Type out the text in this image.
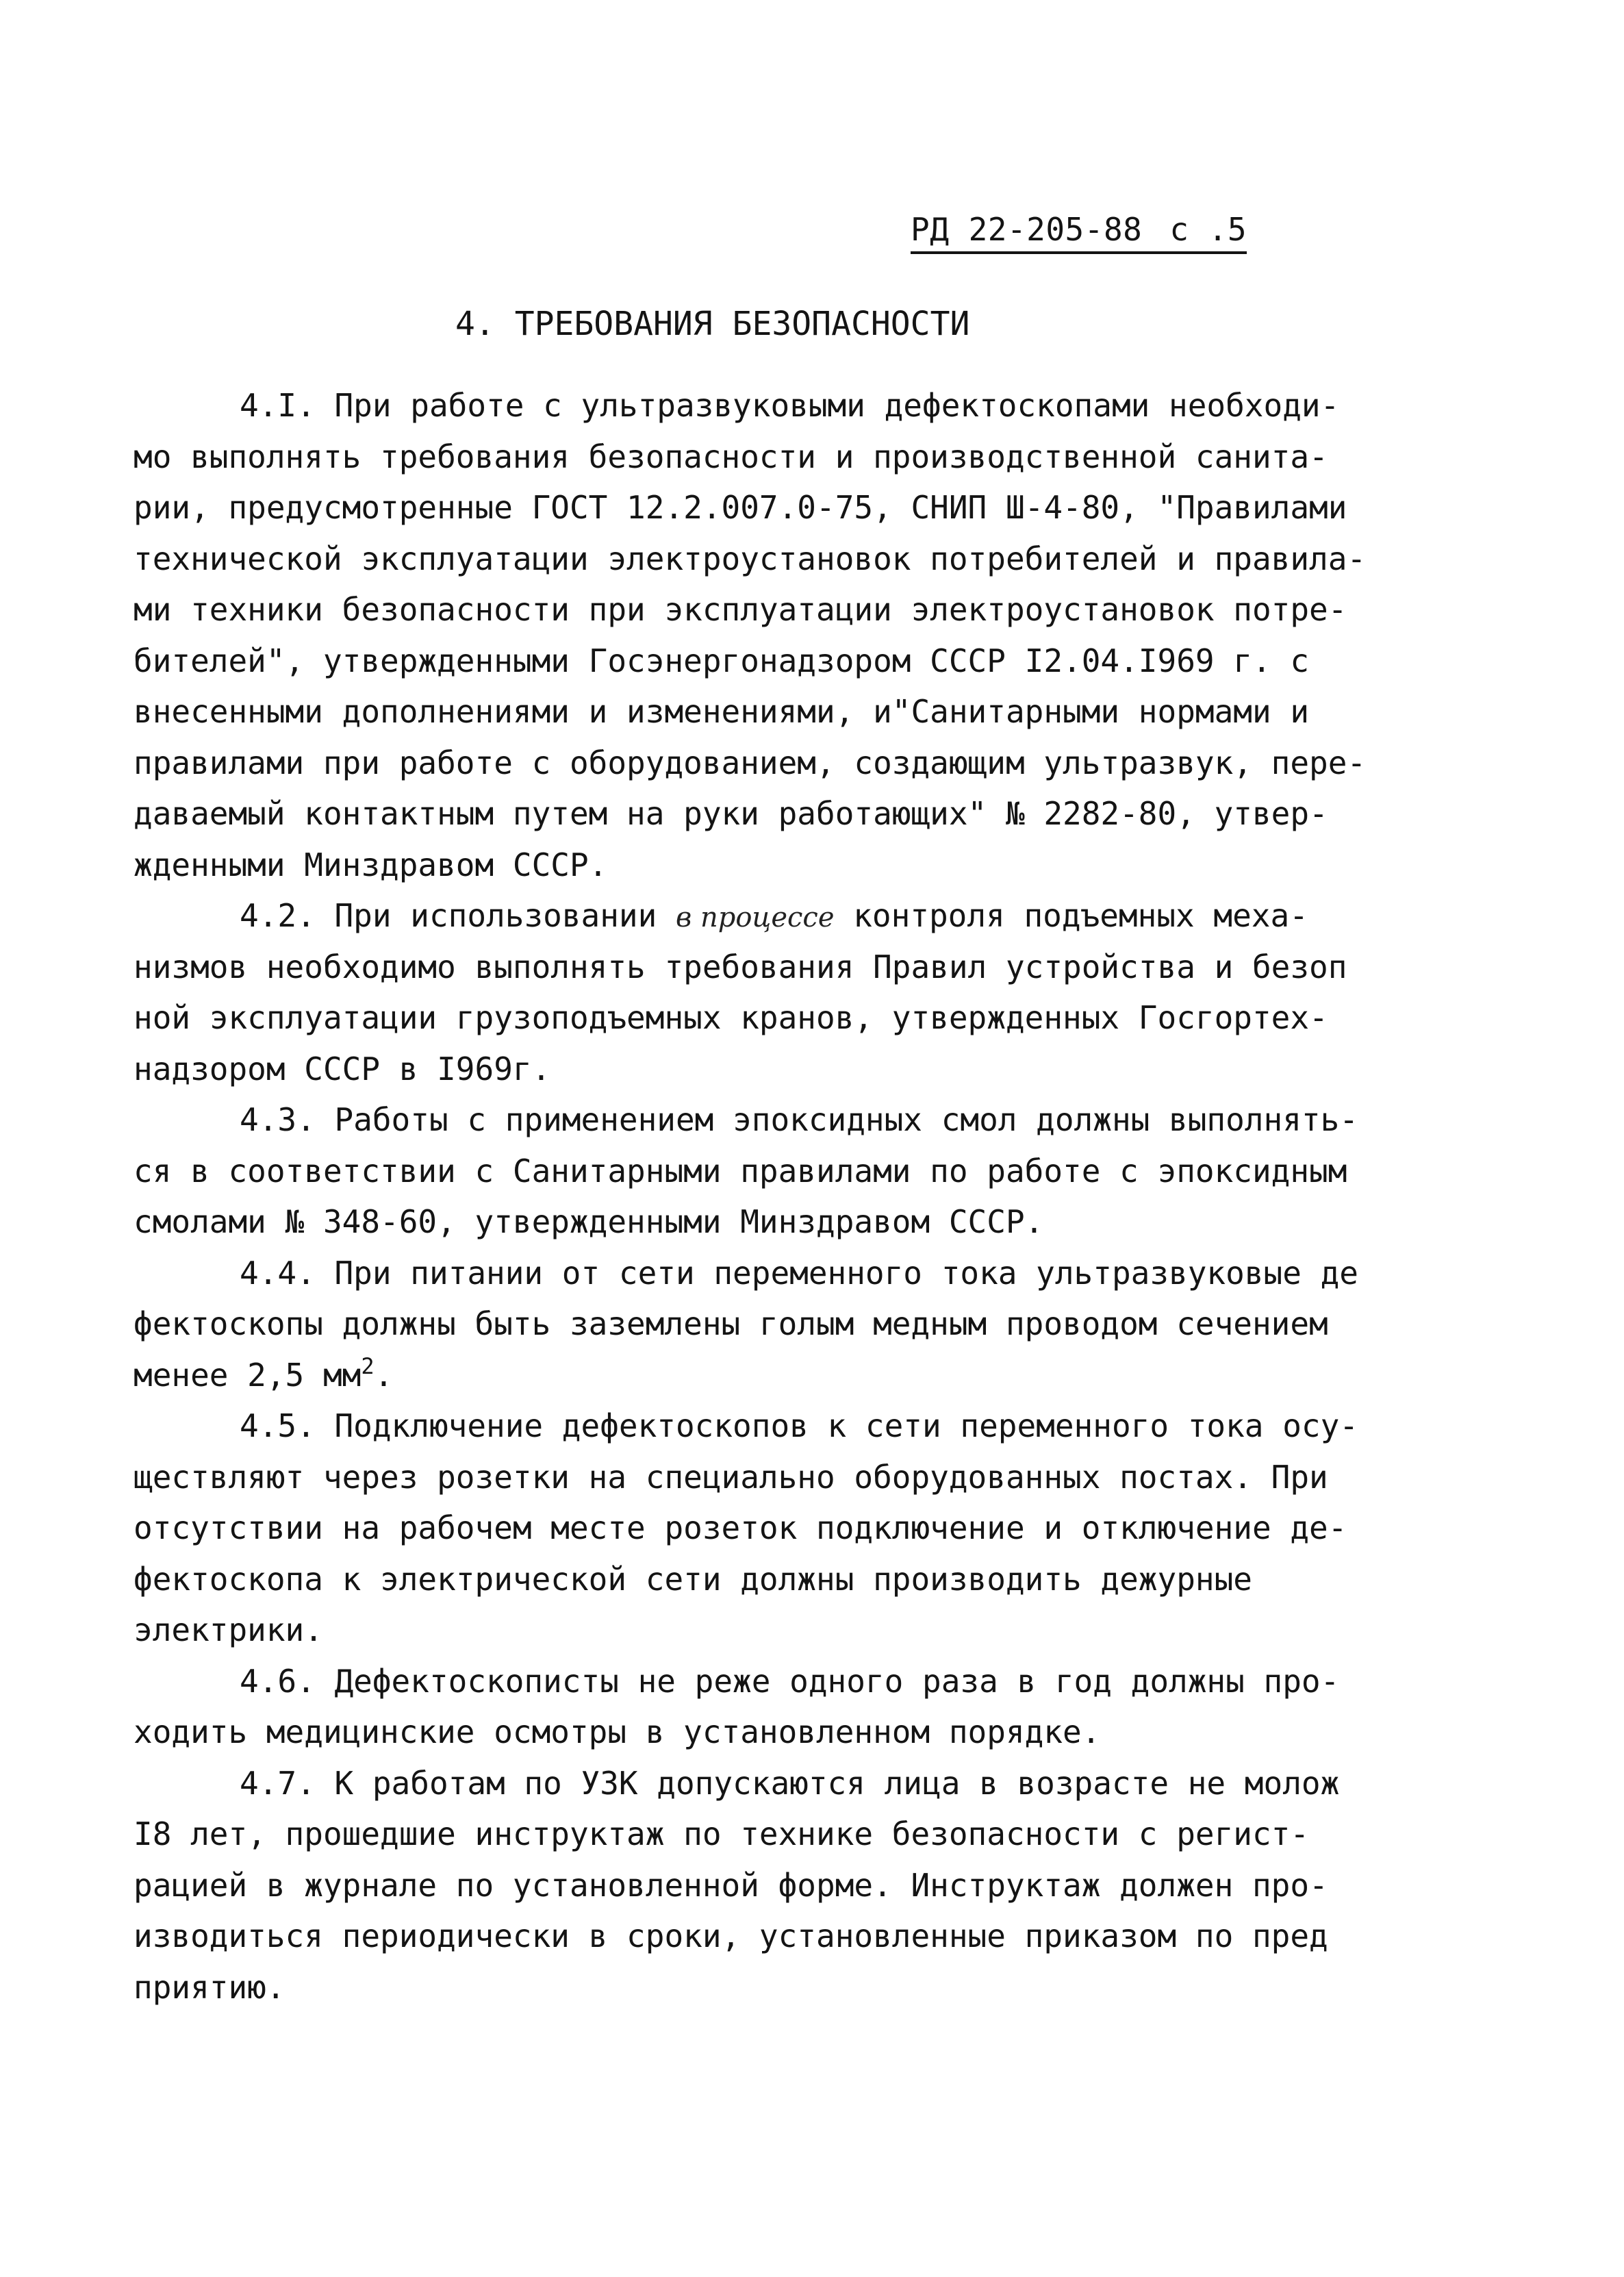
РД 22-205-88 с .5
4. ТРЕБОВАНИЯ БЕЗОПАСНОСТИ
4.I. При работе с ультразвуковыми дефектоскопами необходи-
мо выполнять требования безопасности и производственной санита-
рии, предусмотренные ГОСТ 12.2.007.0-75, СНИП Ш-4-80, "Правилами
технической эксплуатации электроустановок потребителей и правила-
ми техники безопасности при эксплуатации электроустановок потре-
бителей", утвержденными Госэнергонадзором СССР I2.04.I969 г. с
внесенными дополнениями и изменениями, и"Санитарными нормами и
правилами при работе с оборудованием, создающим ультразвук, пере-
даваемый контактным путем на руки работающих" № 2282-80, утвер-
жденными Минздравом СССР.
4.2. При использовании в процессе контроля подъемных меха-
низмов необходимо выполнять требования Правил устройства и безоп
ной эксплуатации грузоподъемных кранов, утвержденных Госгортех-
надзором СССР в I969г.
4.3. Работы с применением эпоксидных смол должны выполнять-
ся в соответствии с Санитарными правилами по работе с эпоксидным
смолами № 348-60, утвержденными Минздравом СССР.
4.4. При питании от сети переменного тока ультразвуковые де
фектоскопы должны быть заземлены голым медным проводом сечением
менее 2,5 $мм^2$.
4.5. Подключение дефектоскопов к сети переменного тока осу-
ществляют через розетки на специально оборудованных постах. При
отсутствии на рабочем месте розеток подключение и отключение де-
фектоскопа к электрической сети должны производить дежурные
электрики.
4.6. Дефектоскописты не реже одного раза в год должны про-
ходить медицинские осмотры в установленном порядке.
4.7. К работам по УЗК допускаются лица в возрасте не молож
I8 лет, прошедшие инструктаж по технике безопасности с регист-
рацией в журнале по установленной форме. Инструктаж должен про-
изводиться периодически в сроки, установленные приказом по пред
приятию.
